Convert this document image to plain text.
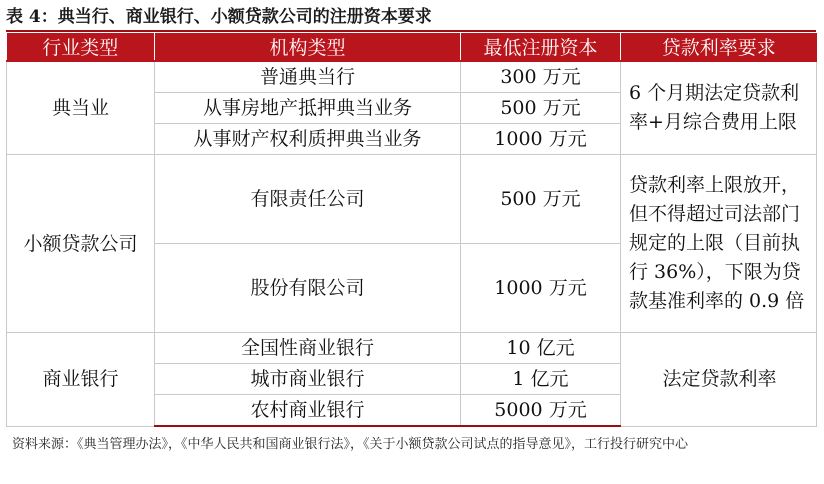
表 4：典当行、商业银行、小额贷款公司的注册资本要求
行业类型	机构类型	最低注册资本	贷款利率要求
典当业	普通典当行	300 万元	6 个月期法定贷款利率+月综合费用上限
	从事房地产抵押典当业务	500 万元	
	从事财产权利质押典当业务	1000 万元	
小额贷款公司	有限责任公司	500 万元	贷款利率上限放开，但不得超过司法部门规定的上限（目前执行 36%），下限为贷款基准利率的 0.9 倍
	股份有限公司	1000 万元	
商业银行	全国性商业银行	10 亿元	法定贷款利率
	城市商业银行	1 亿元	
	农村商业银行	5000 万元	
资料来源：《典当管理办法》，《中华人民共和国商业银行法》，《关于小额贷款公司试点的指导意见》，工行投行研究中心
